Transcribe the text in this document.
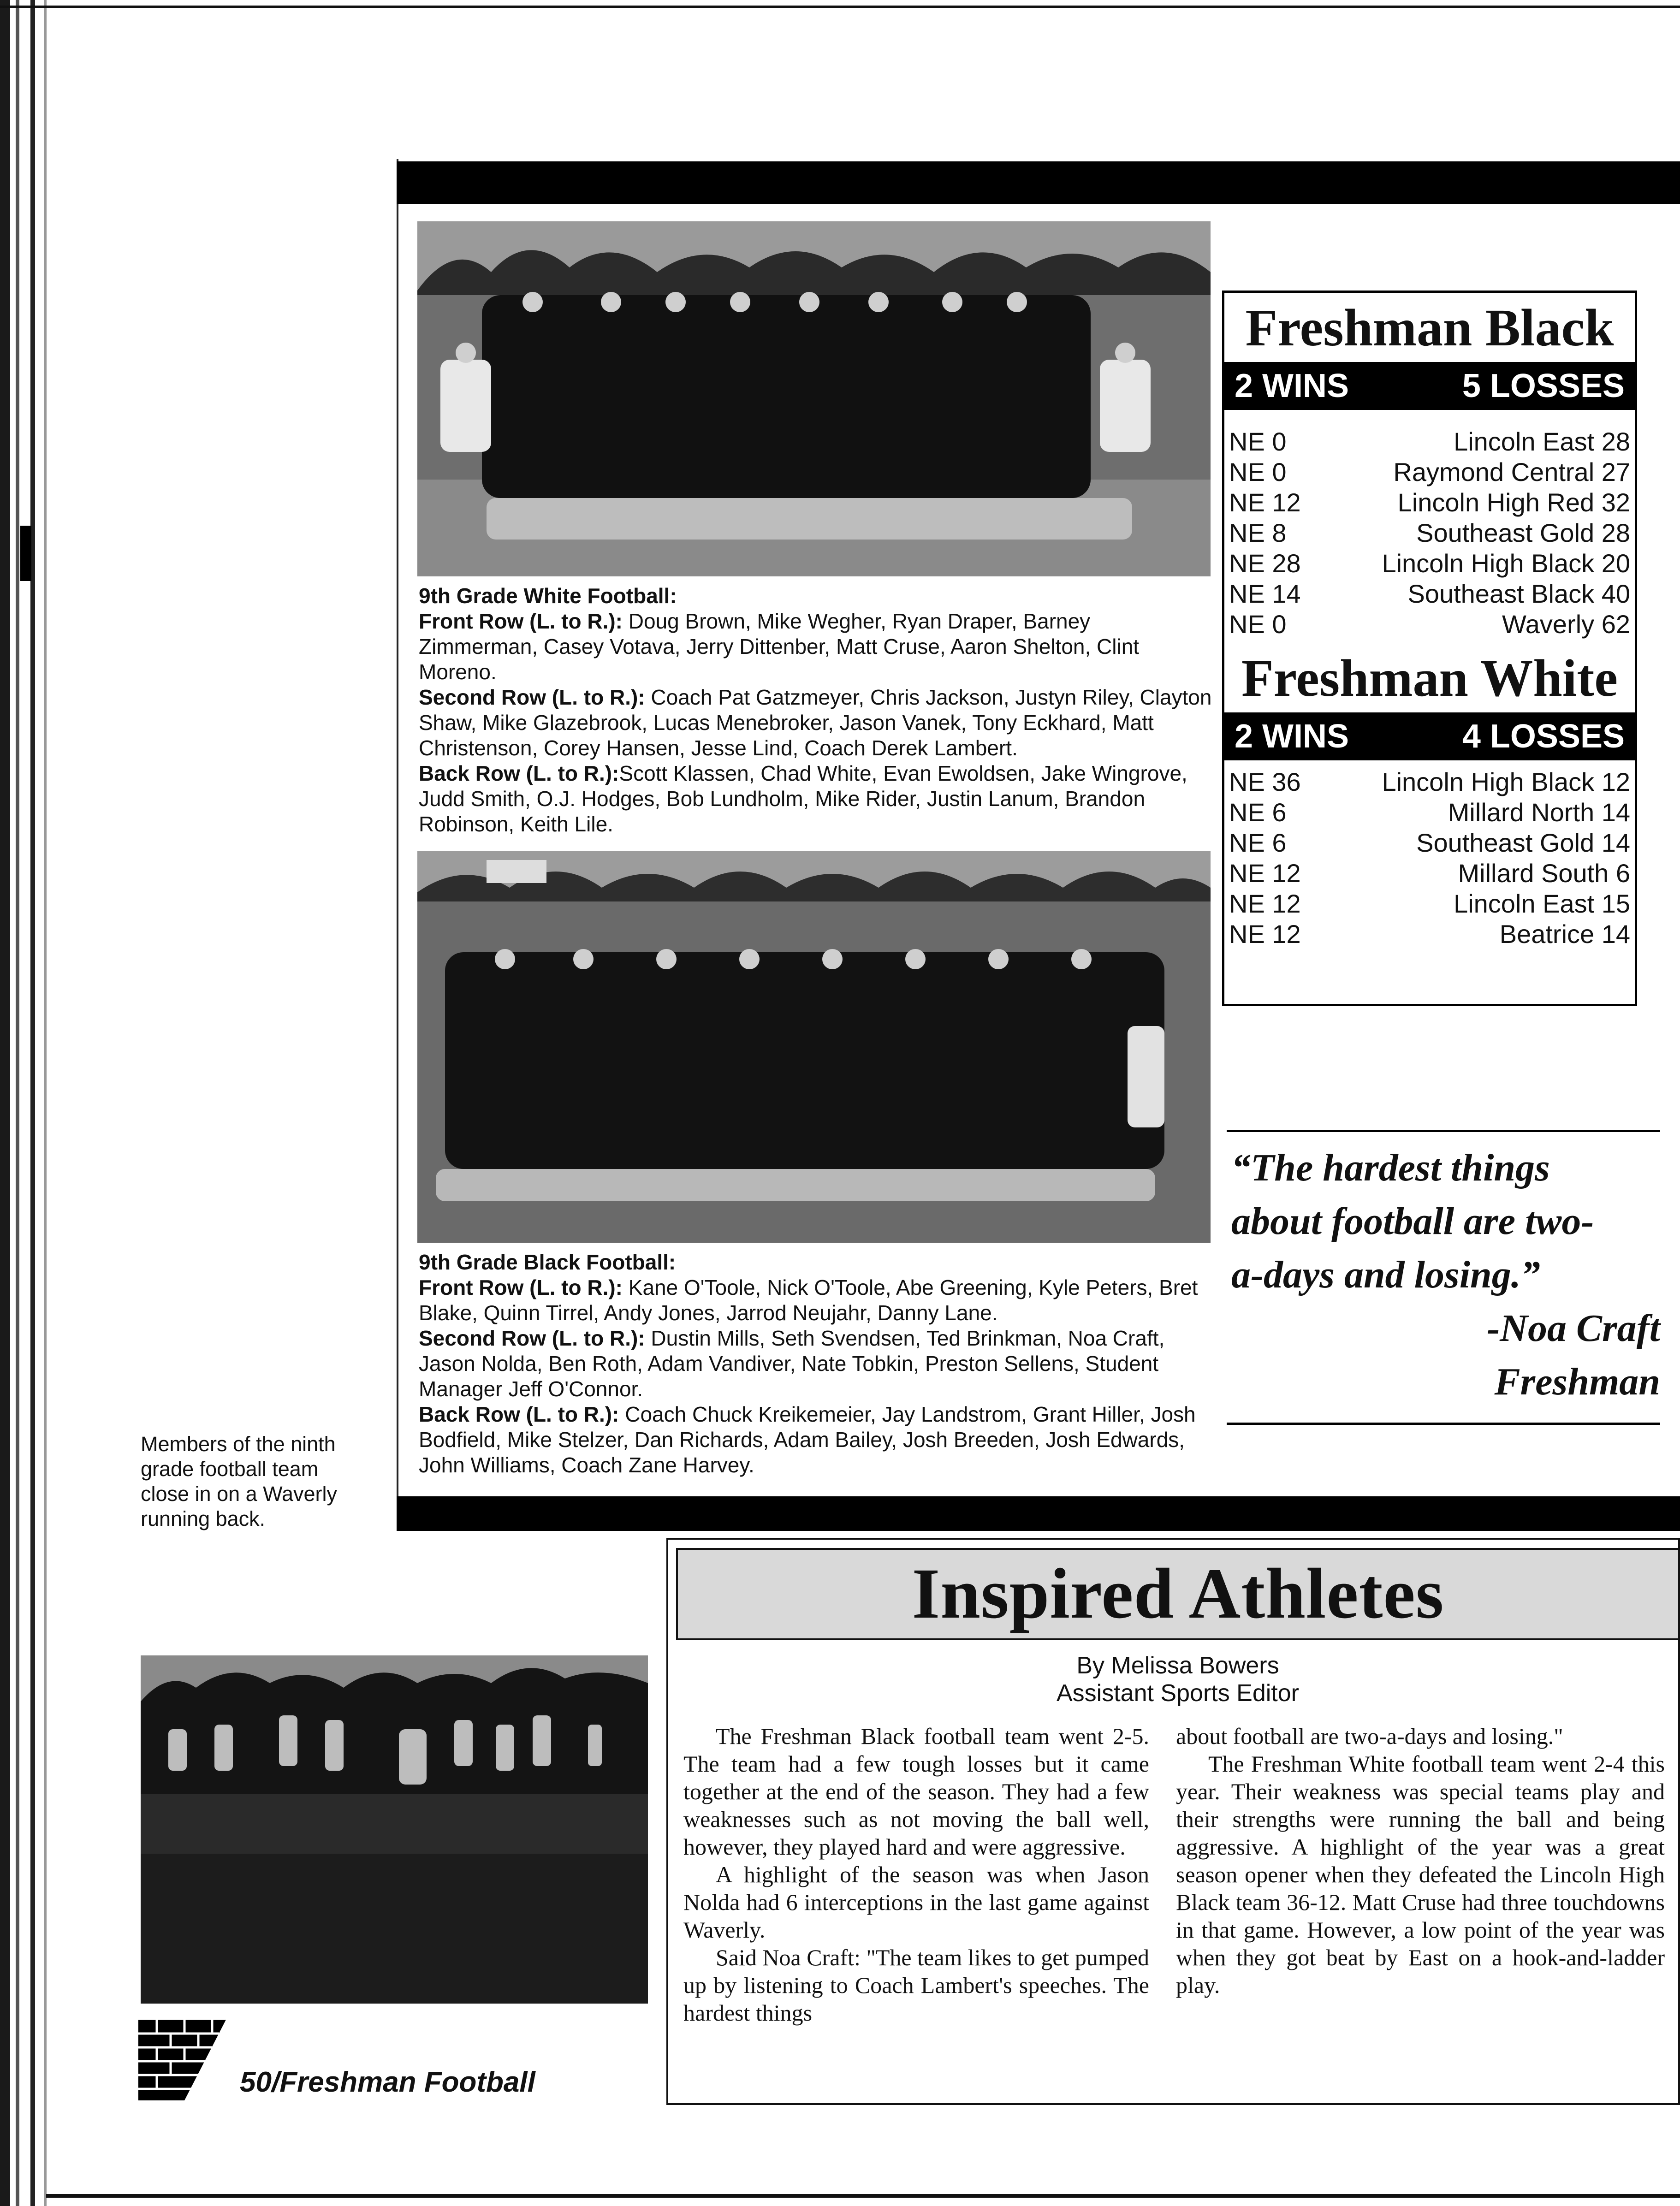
9th Grade White Football:
Front Row (L. to R.): Doug Brown, Mike Wegher, Ryan Draper, Barney Zimmerman, Casey Votava, Jerry Dittenber, Matt Cruse, Aaron Shelton, Clint Moreno.
Second Row (L. to R.): Coach Pat Gatzmeyer, Chris Jackson, Justyn Riley, Clayton Shaw, Mike Glazebrook, Lucas Menebroker, Jason Vanek, Tony Eckhard, Matt Christenson, Corey Hansen, Jesse Lind, Coach Derek Lambert.
Back Row (L. to R.):Scott Klassen, Chad White, Evan Ewoldsen, Jake Wingrove, Judd Smith, O.J. Hodges, Bob Lundholm, Mike Rider, Justin Lanum, Brandon Robinson, Keith Lile.
9th Grade Black Football:
Front Row (L. to R.): Kane O'Toole, Nick O'Toole, Abe Greening, Kyle Peters, Bret Blake, Quinn Tirrel, Andy Jones, Jarrod Neujahr, Danny Lane.
Second Row (L. to R.): Dustin Mills, Seth Svendsen, Ted Brinkman, Noa Craft, Jason Nolda, Ben Roth, Adam Vandiver, Nate Tobkin, Preston Sellens, Student Manager Jeff O'Connor.
Back Row (L. to R.): Coach Chuck Kreikemeier, Jay Landstrom, Grant Hiller, Josh Bodfield, Mike Stelzer, Dan Richards, Adam Bailey, Josh Breeden, Josh Edwards, John Williams, Coach Zane Harvey.
Freshman Black
2 WINS	5 LOSSES
NE 0	Lincoln East 28
NE 0	Raymond Central 27
NE 12	Lincoln High Red 32
NE 8	Southeast Gold 28
NE 28	Lincoln High Black 20
NE 14	Southeast Black 40
NE 0	Waverly 62
Freshman White
2 WINS	4 LOSSES
NE 36	Lincoln High Black 12
NE 6	Millard North 14
NE 6	Southeast Gold 14
NE 12	Millard South 6
NE 12	Lincoln East 15
NE 12	Beatrice 14
“The hardest things
about football are two-
a-days and losing.”
-Noa Craft
Freshman
Members of the ninth
grade football team
close in on a Waverly
running back.
50/Freshman Football
Inspired Athletes
By Melissa Bowers
Assistant Sports Editor

The Freshman Black football team went 2-5. The team had a few tough losses but it came together at the end of the season. They had a few weaknesses such as not moving the ball well, however, they played hard and were aggressive.

A highlight of the season was when Jason Nolda had 6 interceptions in the last game against Waverly.

Said Noa Craft: "The team likes to get pumped up by listening to Coach Lambert's speeches. The hardest things

about football are two-a-days and losing."

The Freshman White football team went 2-4 this year. Their weakness was special teams play and their strengths were running the ball and being aggressive. A highlight of the year was a great season opener when they defeated the Lincoln High Black team 36-12. Matt Cruse had three touchdowns in that game. However, a low point of the year was when they got beat by East on a hook-and-ladder play.
